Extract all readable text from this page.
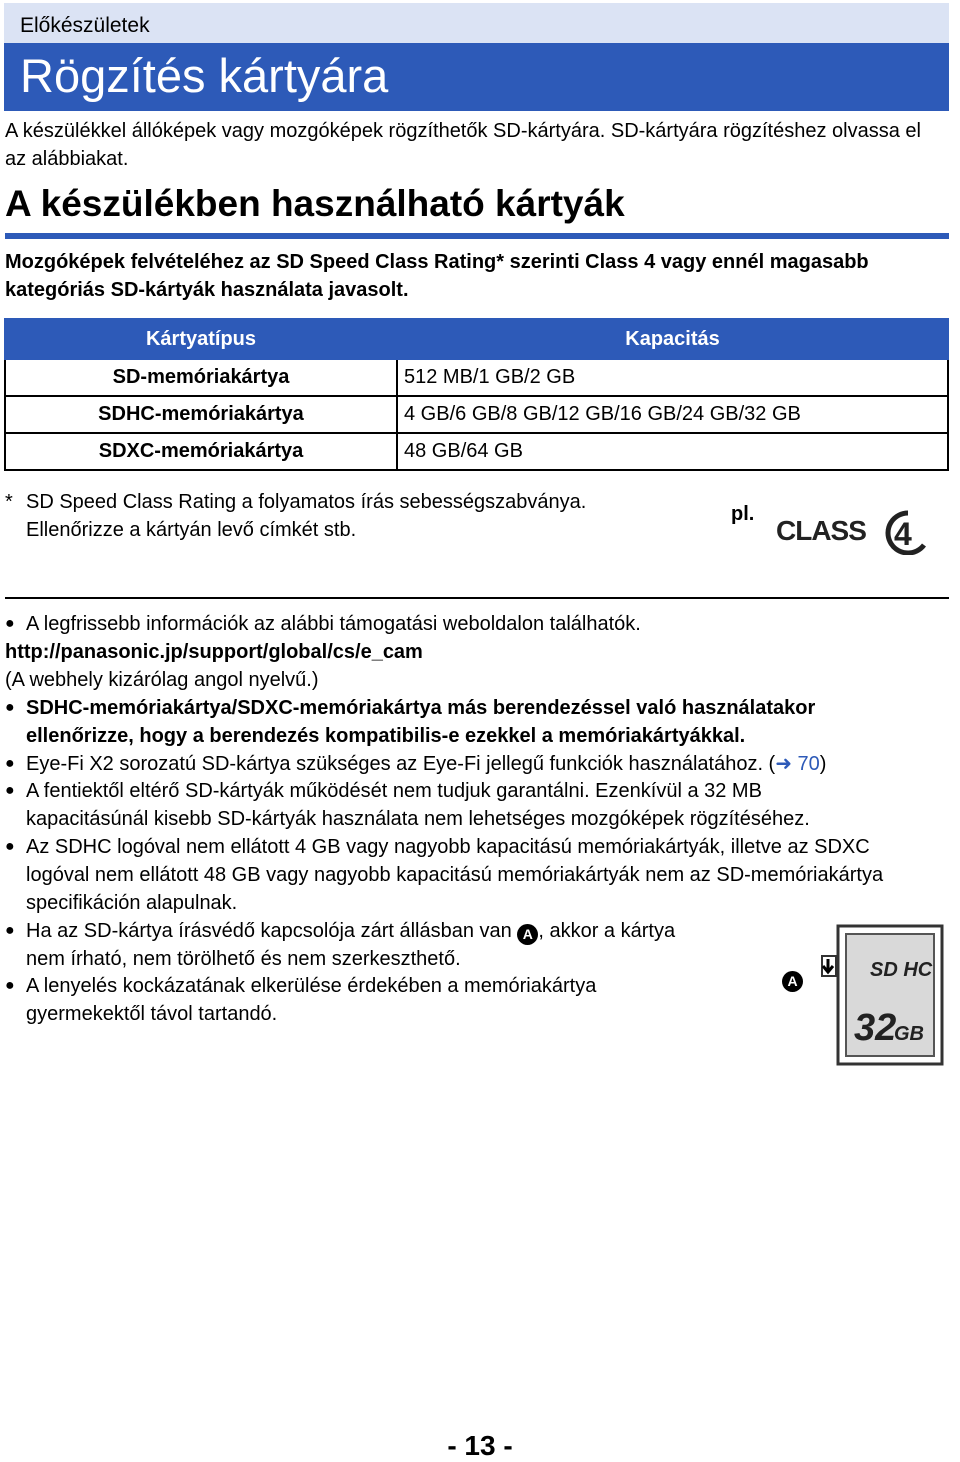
Előkészületek
Rögzítés kártyára
A készülékkel állóképek vagy mozgóképek rögzíthetők SD-kártyára. SD-kártyára rögzítéshez olvassa el az alábbiakat.
A készülékben használható kártyák
Mozgóképek felvételéhez az SD Speed Class Rating* szerinti Class 4 vagy ennél magasabb kategóriás SD-kártyák használata javasolt.
Kártyatípus	Kapacitás
SD-memóriakártya	512 MB/1 GB/2 GB
SDHC-memóriakártya	4 GB/6 GB/8 GB/12 GB/16 GB/24 GB/32 GB
SDXC-memóriakártya	48 GB/64 GB
* SD Speed Class Rating a folyamatos írás sebességszabványa.
Ellenőrizze a kártyán levő címkét stb.
pl.
CLASS 4
● A legfrissebb információk az alábbi támogatási weboldalon találhatók.
http://panasonic.jp/support/global/cs/e_cam
(A webhely kizárólag angol nyelvű.)
● SDHC-memóriakártya/SDXC-memóriakártya más berendezéssel való használatakor
ellenőrizze, hogy a berendezés kompatibilis-e ezekkel a memóriakártyákkal.
● Eye-Fi X2 sorozatú SD-kártya szükséges az Eye-Fi jellegű funkciók használatához. (➜ 70)
● A fentiektől eltérő SD-kártyák működését nem tudjuk garantálni. Ezenkívül a 32 MB
kapacitásúnál kisebb SD-kártyák használata nem lehetséges mozgóképek rögzítéséhez.
● Az SDHC logóval nem ellátott 4 GB vagy nagyobb kapacitású memóriakártyák, illetve az SDXC
logóval nem ellátott 48 GB vagy nagyobb kapacitású memóriakártyák nem az SD-memóriakártya
specifikáción alapulnak.
● Ha az SD-kártya írásvédő kapcsolója zárt állásban van A , akkor a kártya
nem írható, nem törölhető és nem szerkeszthető.
● A lenyelés kockázatának elkerülése érdekében a memóriakártya
gyermekektől távol tartandó.
A	SD HC
32
GB
- 13 -
